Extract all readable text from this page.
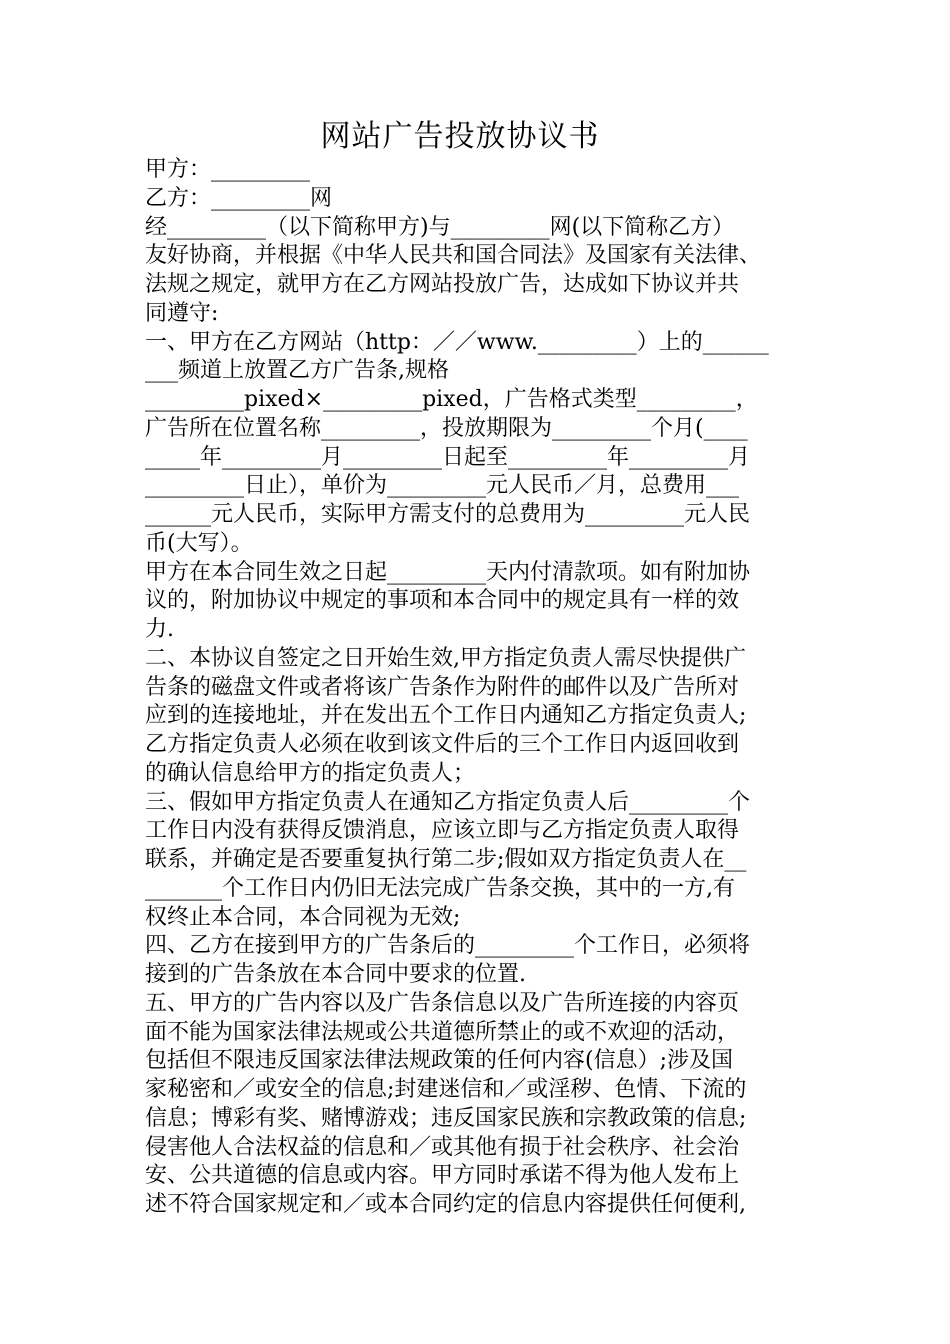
网站广告投放协议书
甲方：_________
乙方：_________网
经_________（以下简称甲方)与_________网(以下简称乙方）
友好协商，并根据《中华人民共和国合同法》及国家有关法律、
法规之规定，就甲方在乙方网站投放广告，达成如下协议并共
同遵守:
一、甲方在乙方网站（http：／／www._________）上的______
___频道上放置乙方广告条,规格
_________pixed×_________pixed，广告格式类型_________，
广告所在位置名称_________，投放期限为_________个月(____
_____年_________月_________日起至_________年_________月
_________日止），单价为_________元人民币／月，总费用___
______元人民币，实际甲方需支付的总费用为_________元人民
币(大写）。
甲方在本合同生效之日起_________天内付清款项。如有附加协
议的，附加协议中规定的事项和本合同中的规定具有一样的效
力.
二、本协议自签定之日开始生效,甲方指定负责人需尽快提供广
告条的磁盘文件或者将该广告条作为附件的邮件以及广告所对
应到的连接地址，并在发出五个工作日内通知乙方指定负责人;
乙方指定负责人必须在收到该文件后的三个工作日内返回收到
的确认信息给甲方的指定负责人；
三、假如甲方指定负责人在通知乙方指定负责人后_________个
工作日内没有获得反馈消息，应该立即与乙方指定负责人取得
联系，并确定是否要重复执行第二步;假如双方指定负责人在__
_______个工作日内仍旧无法完成广告条交换，其中的一方,有
权终止本合同，本合同视为无效;
四、乙方在接到甲方的广告条后的_________个工作日，必须将
接到的广告条放在本合同中要求的位置.
五、甲方的广告内容以及广告条信息以及广告所连接的内容页
面不能为国家法律法规或公共道德所禁止的或不欢迎的活动，
包括但不限违反国家法律法规政策的任何内容(信息）;涉及国
家秘密和／或安全的信息;封建迷信和／或淫秽、色情、下流的
信息；博彩有奖、赌博游戏；违反国家民族和宗教政策的信息;
侵害他人合法权益的信息和／或其他有损于社会秩序、社会治
安、公共道德的信息或内容。甲方同时承诺不得为他人发布上
述不符合国家规定和／或本合同约定的信息内容提供任何便利,
